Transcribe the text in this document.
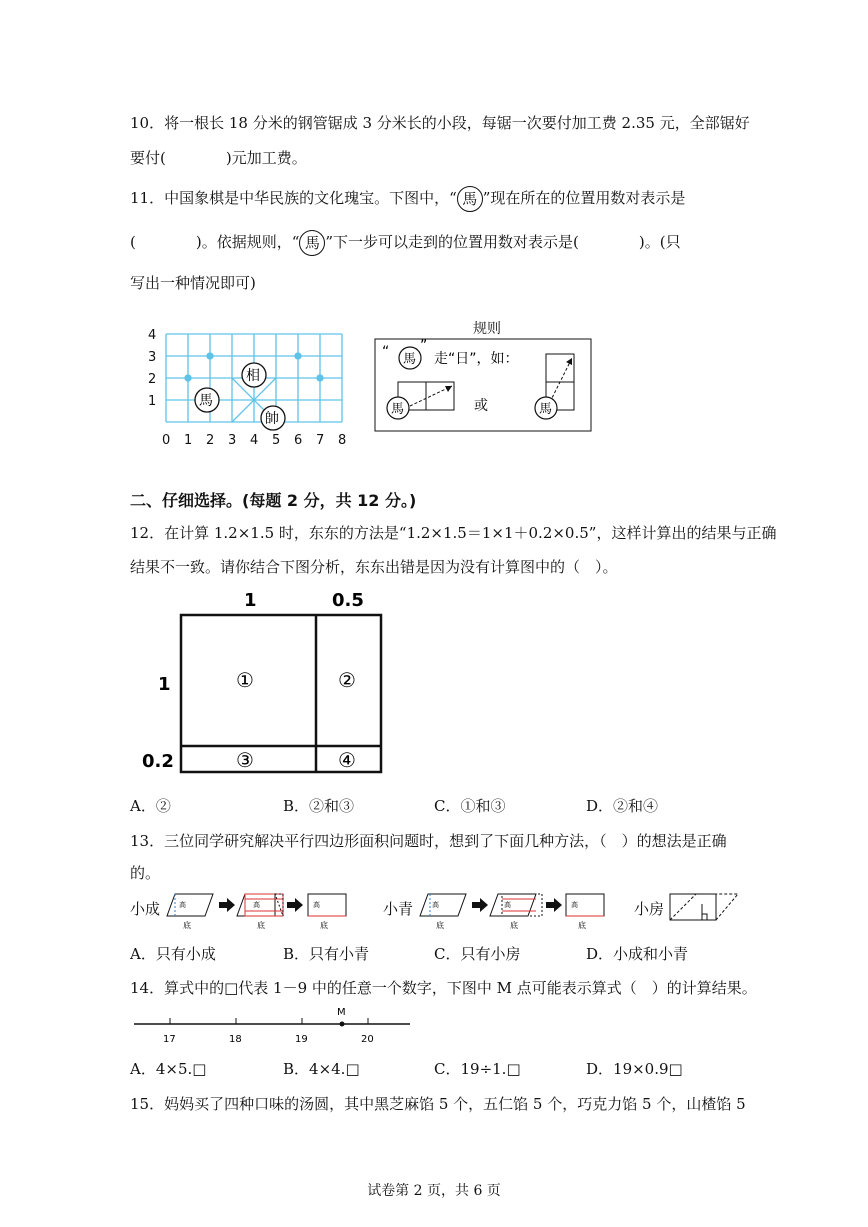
10．将一根长 18 分米的钢管锯成 3 分米长的小段，每锯一次要付加工费 2.35 元，全部锯好
要付(　　　　)元加工费。
11．中国象棋是中华民族的文化瑰宝。下图中，“ 馬 ”现在所在的位置用数对表示是
(　　　　)。依据规则，“ 馬 ”下一步可以走到的位置用数对表示是(　　　　)。(只
写出一种情况即可)
4
3
2
1
0 1 2 3 4 5 6 7 8
相
馬
帥
规则
“ 馬
”
走“日”，如：
馬	或	馬
二、仔细选择。(每题 2 分，共 12 分。)
12．在计算 1.2×1.5 时，东东的方法是“1.2×1.5＝1×1＋0.2×0.5”，这样计算出的结果与正确
结果不一致。请你结合下图分析，东东出错是因为没有计算图中的（　）。
1	0.5
1
0.2
①	②
③	④
A．②	B．②和③	C．①和③	D．②和④
13．三位同学研究解决平行四边形面积问题时，想到了下面几种方法，（　）的想法是正确
的。
小成	高
底
高
底
高
底
小青	高
底
高
底
高
底
小房
A．只有小成	B．只有小青	C．只有小房	D．小成和小青
14．算式中的□代表 1－9 中的任意一个数字，下图中 M 点可能表示算式（　）的计算结果。
17	18	19	20
M
A．4×5.□	B．4×4.□	C．19÷1.□	D．19×0.9□
15．妈妈买了四种口味的汤圆，其中黑芝麻馅 5 个，五仁馅 5 个，巧克力馅 5 个，山楂馅 5
试卷第 2 页，共 6 页
